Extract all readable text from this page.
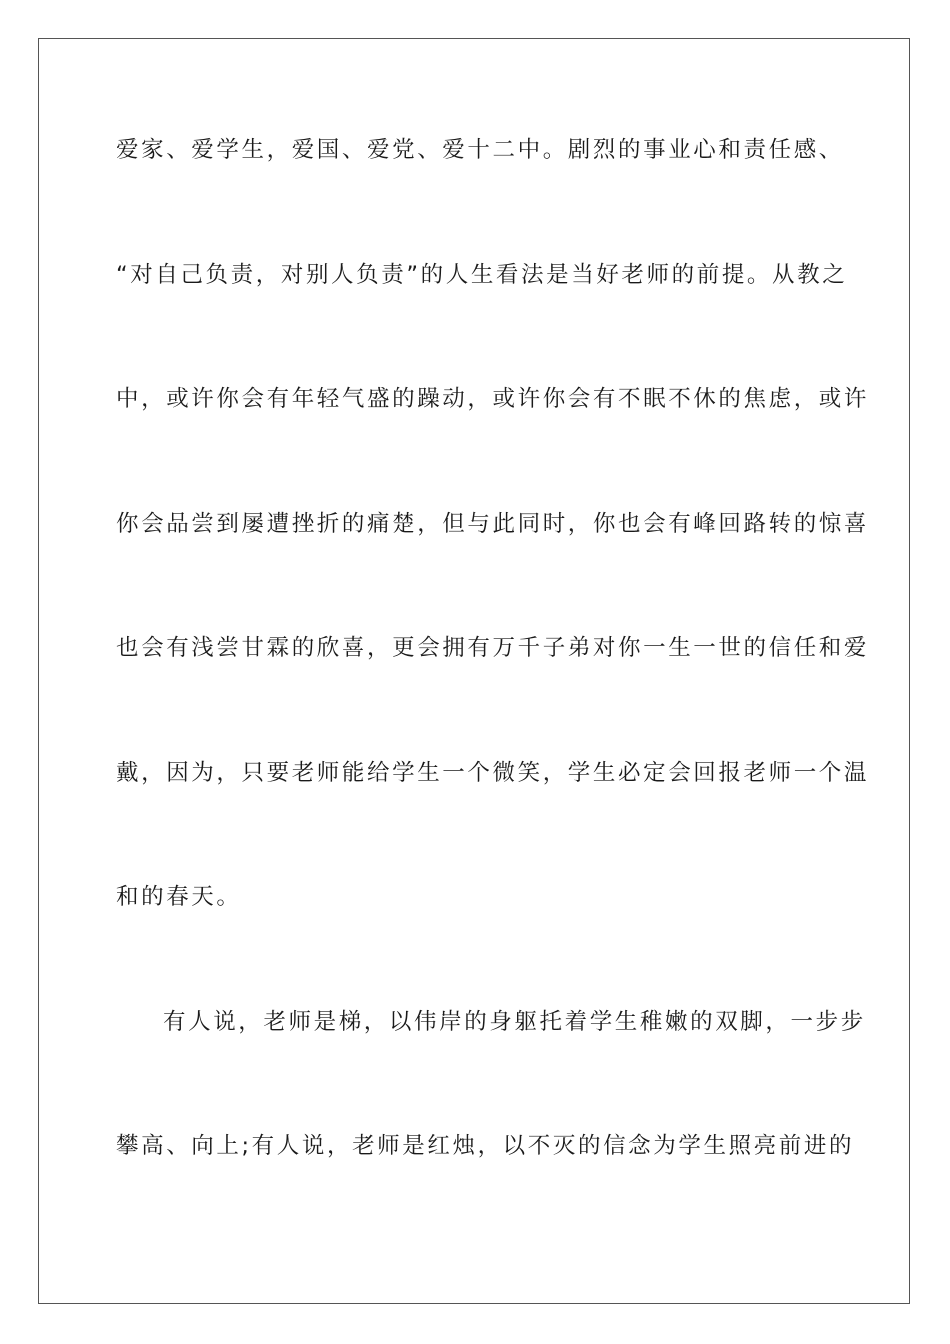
爱家、爱学生，爱国、爱党、爱十二中。剧烈的事业心和责任感、
“对自己负责，对别人负责”的人生看法是当好老师的前提。从教之
中，或许你会有年轻气盛的躁动，或许你会有不眠不休的焦虑，或许
你会品尝到屡遭挫折的痛楚，但与此同时，你也会有峰回路转的惊喜
也会有浅尝甘霖的欣喜，更会拥有万千子弟对你一生一世的信任和爱
戴，因为，只要老师能给学生一个微笑，学生必定会回报老师一个温
和的春天。
有人说，老师是梯，以伟岸的身躯托着学生稚嫩的双脚，一步步
攀高、向上;有人说，老师是红烛，以不灭的信念为学生照亮前进的
